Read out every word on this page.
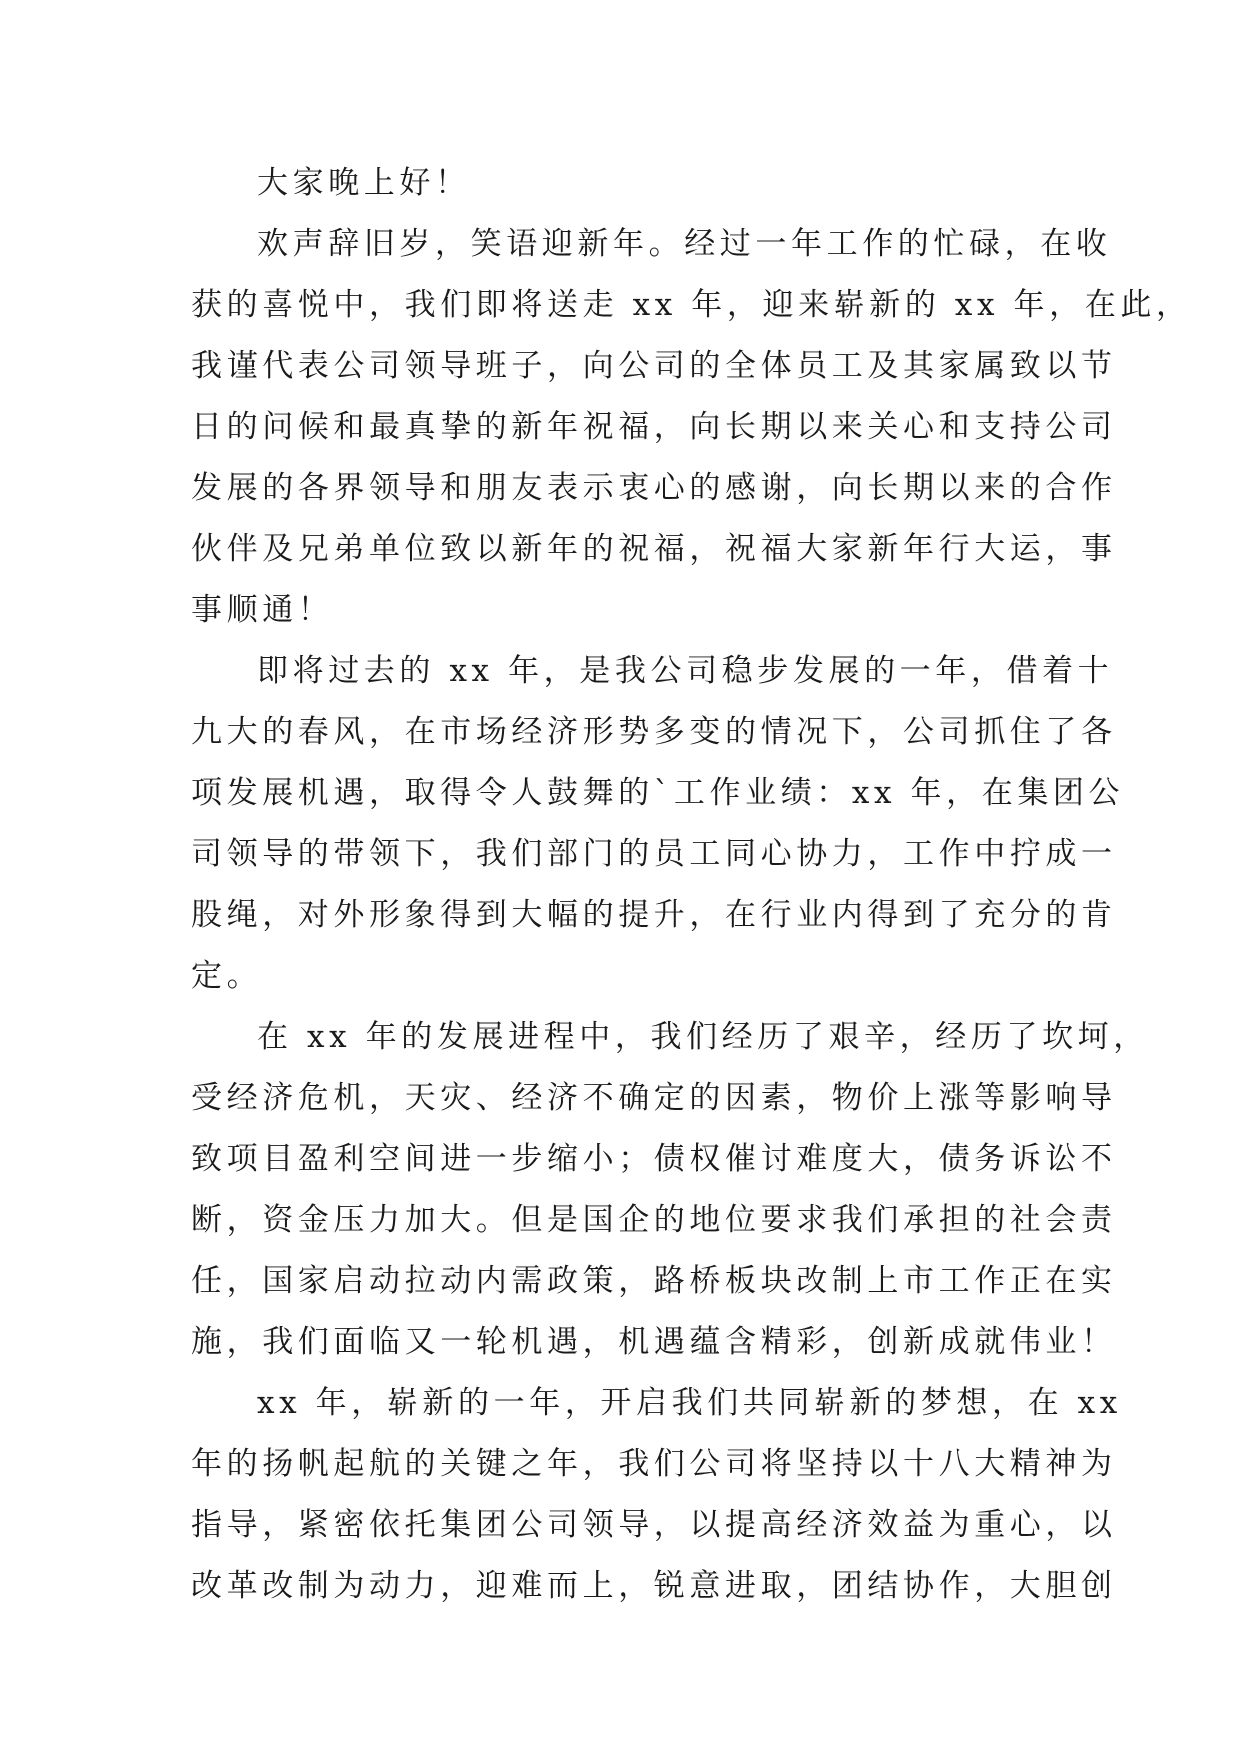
大家晚上好！
欢声辞旧岁，笑语迎新年。经过一年工作的忙碌，在收
获的喜悦中，我们即将送走 xx 年，迎来崭新的 xx 年，在此，
我谨代表公司领导班子，向公司的全体员工及其家属致以节
日的问候和最真挚的新年祝福，向长期以来关心和支持公司
发展的各界领导和朋友表示衷心的感谢，向长期以来的合作
伙伴及兄弟单位致以新年的祝福，祝福大家新年行大运，事
事顺通！
即将过去的 xx 年，是我公司稳步发展的一年，借着十
九大的春风，在市场经济形势多变的情况下，公司抓住了各
项发展机遇，取得令人鼓舞的`工作业绩：xx 年，在集团公
司领导的带领下，我们部门的员工同心协力，工作中拧成一
股绳，对外形象得到大幅的提升，在行业内得到了充分的肯
定。
在 xx 年的发展进程中，我们经历了艰辛，经历了坎坷，
受经济危机，天灾、经济不确定的因素，物价上涨等影响导
致项目盈利空间进一步缩小；债权催讨难度大，债务诉讼不
断，资金压力加大。但是国企的地位要求我们承担的社会责
任，国家启动拉动内需政策，路桥板块改制上市工作正在实
施，我们面临又一轮机遇，机遇蕴含精彩，创新成就伟业！
xx 年，崭新的一年，开启我们共同崭新的梦想，在 xx
年的扬帆起航的关键之年，我们公司将坚持以十八大精神为
指导，紧密依托集团公司领导，以提高经济效益为重心，以
改革改制为动力，迎难而上，锐意进取，团结协作，大胆创
